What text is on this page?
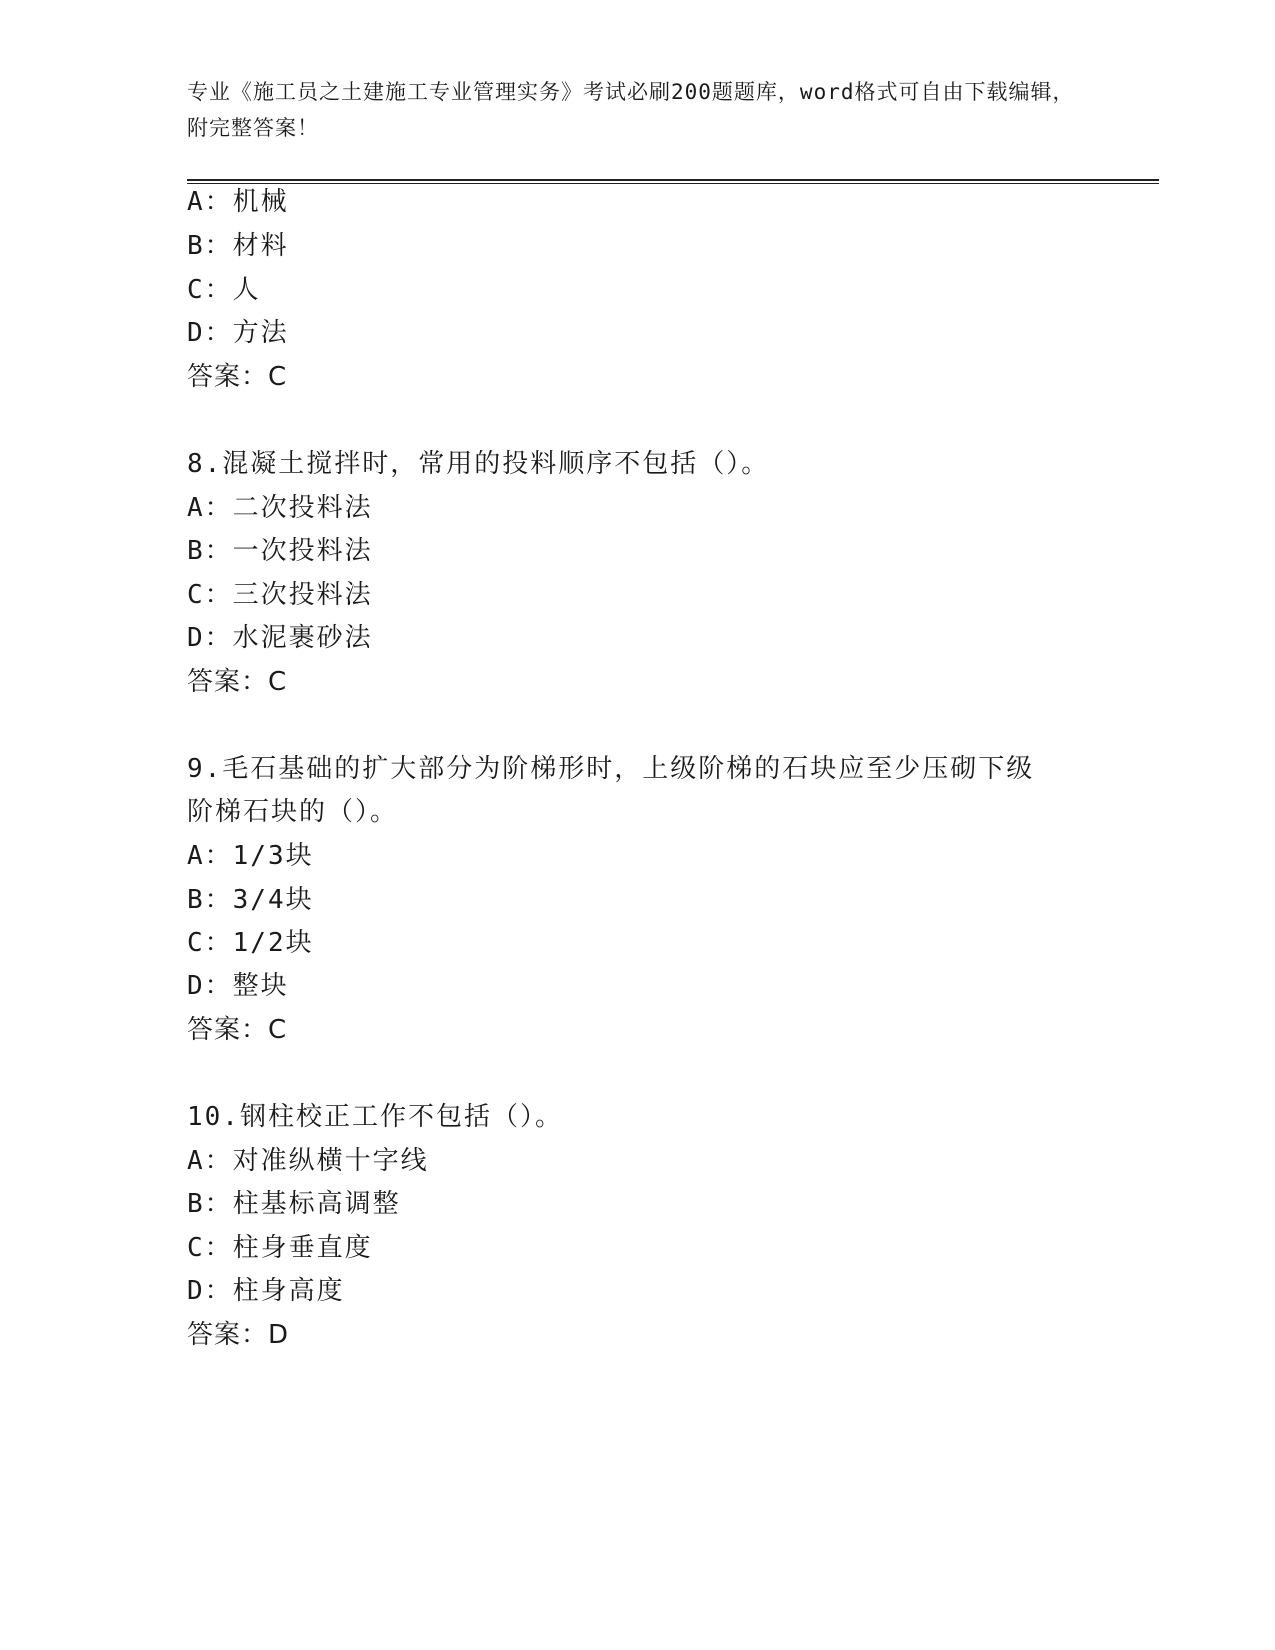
专业《施工员之土建施工专业管理实务》考试必刷200题题库，word格式可自由下载编辑，附完整答案！
A：机械
B：材料
C：人
D：方法
答案：C
8.混凝土搅拌时，常用的投料顺序不包括（）。
A：二次投料法
B：一次投料法
C：三次投料法
D：水泥裹砂法
答案：C
9.毛石基础的扩大部分为阶梯形时，上级阶梯的石块应至少压砌下级
阶梯石块的（）。
A：1/3块
B：3/4块
C：1/2块
D：整块
答案：C
10.钢柱校正工作不包括（）。
A：对准纵横十字线
B：柱基标高调整
C：柱身垂直度
D：柱身高度
答案：D
